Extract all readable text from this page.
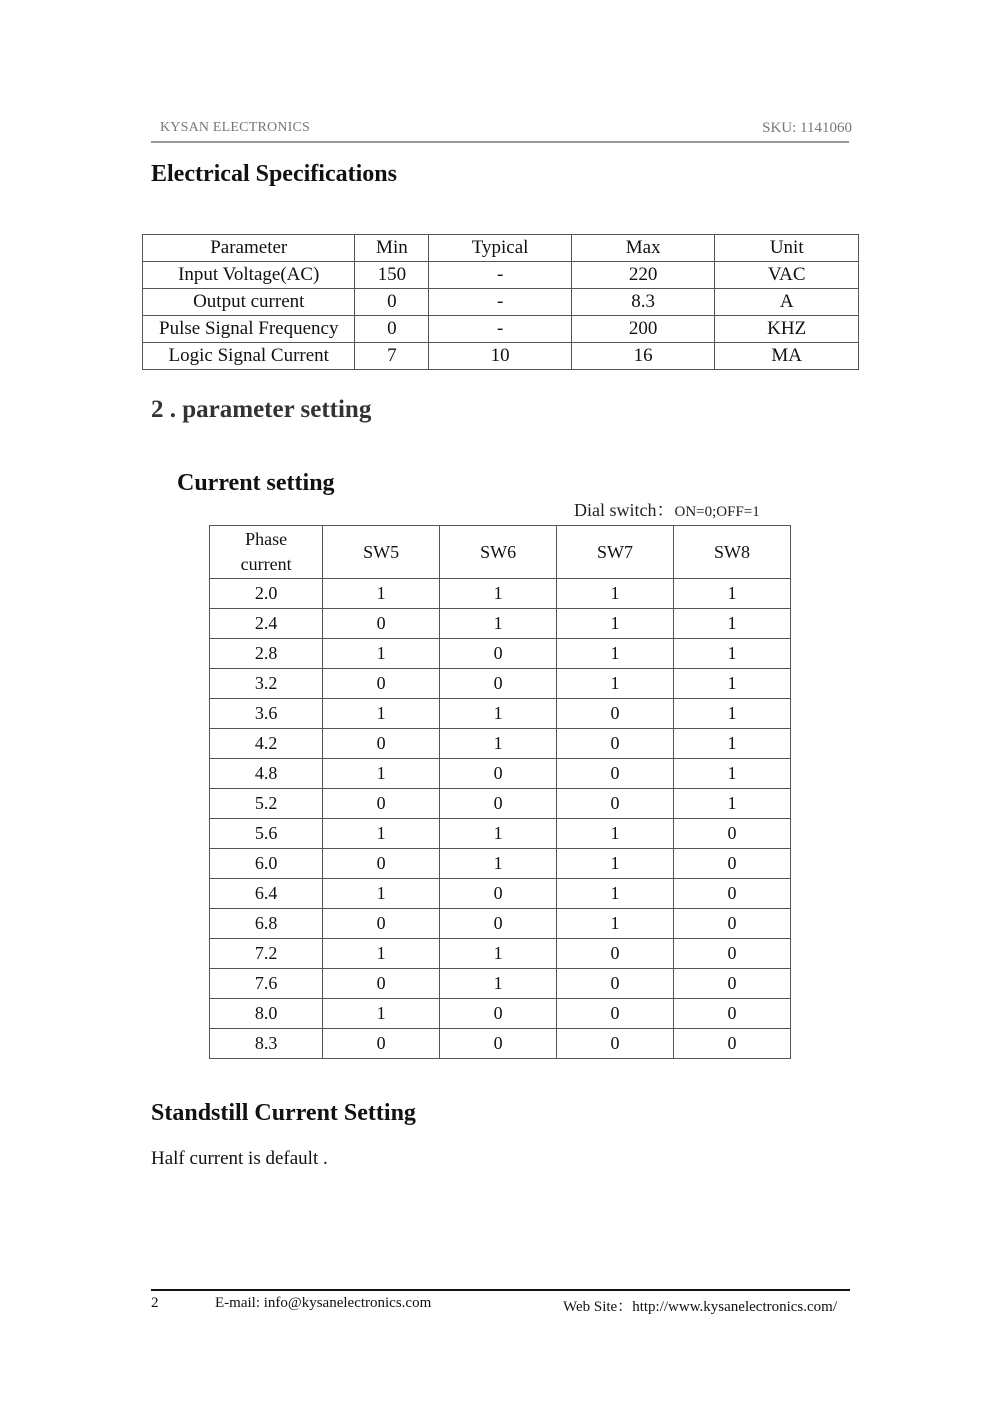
KYSAN ELECTRONICS	SKU: 1141060
Electrical Specifications
Parameter	Min	Typical	Max	Unit
Input Voltage(AC)	150	-	220	VAC
Output current	0	-	8.3	A
Pulse Signal Frequency	0	-	200	KHZ
Logic Signal Current	7	10	16	MA
2 . parameter setting
Current setting
Dial switch：ON=0;OFF=1
Phase
current	SW5	SW6	SW7	SW8
2.0	1	1	1	1
2.4	0	1	1	1
2.8	1	0	1	1
3.2	0	0	1	1
3.6	1	1	0	1
4.2	0	1	0	1
4.8	1	0	0	1
5.2	0	0	0	1
5.6	1	1	1	0
6.0	0	1	1	0
6.4	1	0	1	0
6.8	0	0	1	0
7.2	1	1	0	0
7.6	0	1	0	0
8.0	1	0	0	0
8.3	0	0	0	0
Standstill Current Setting
Half current is default .
2	E-mail: info@kysanelectronics.com	Web Site：http://www.kysanelectronics.com/
